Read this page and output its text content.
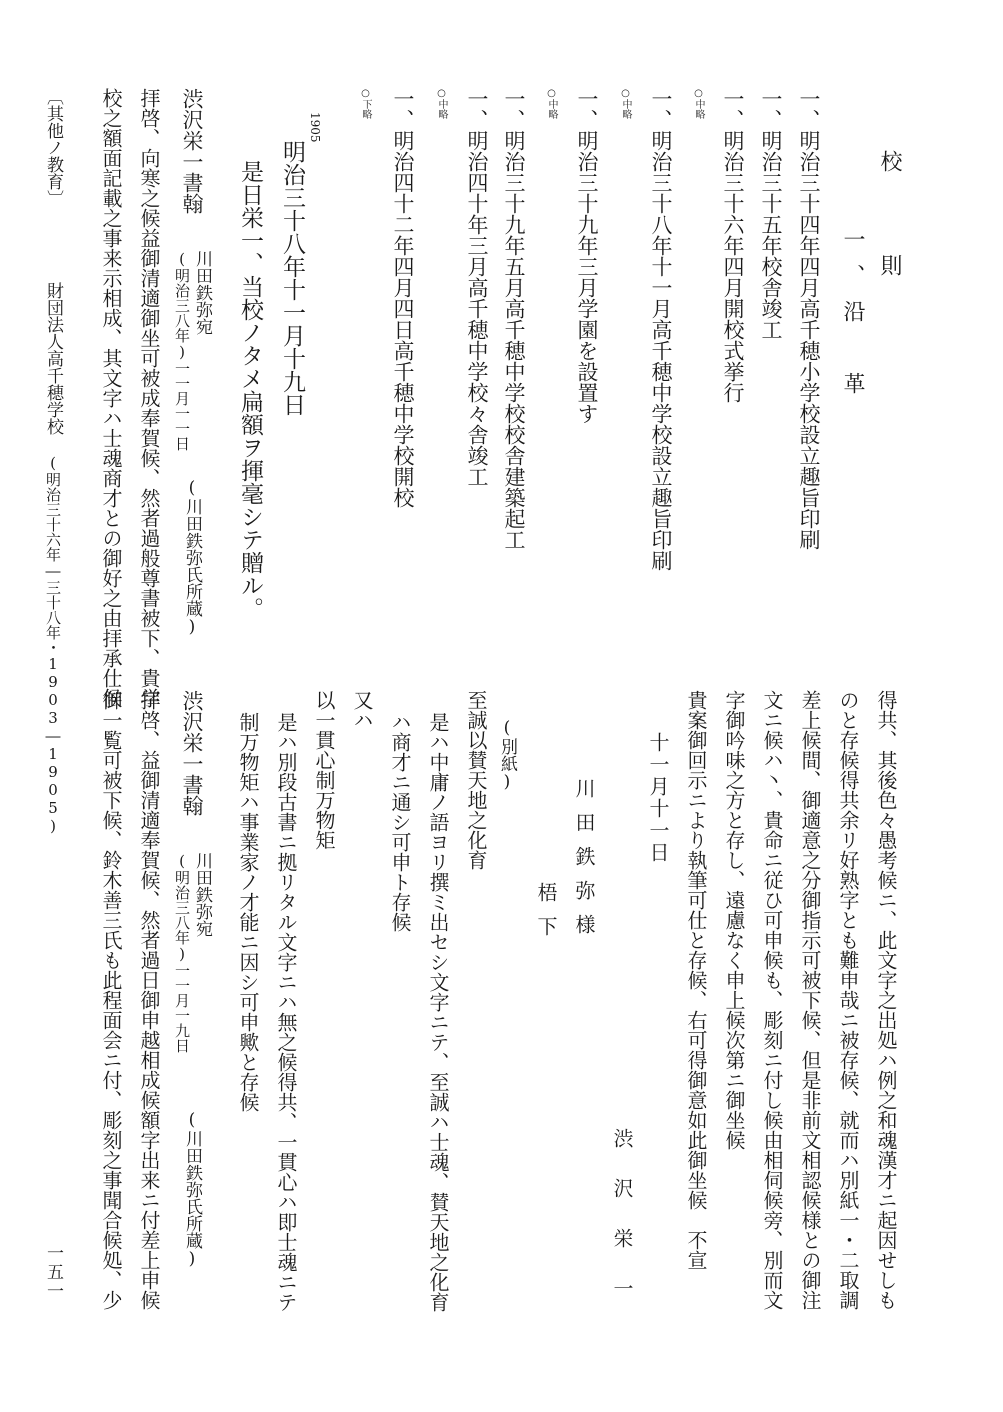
校　則
一、沿　革
一、明治三十四年四月高千穂小学校設立趣旨印刷
一、明治三十五年校舎竣工
一、明治三十六年四月開校式挙行
○中略
一、明治三十八年十一月高千穂中学校設立趣旨印刷
○中略
一、明治三十九年三月学園を設置す
○中略
一、明治三十九年五月高千穂中学校校舎建築起工
一、明治四十年三月高千穂中学校々舎竣工
○中略
一、明治四十二年四月四日高千穂中学校開校
○下略
1905
明治三十八年十一月十九日
是日栄一、当校ノタメ扁額ヲ揮毫シテ贈ル。
渋沢栄一書翰
川田鉄弥宛
(明治三八年)一一月一一日
(川田鉄弥氏所蔵)
拝啓、向寒之候益御清適御坐可被成奉賀候、然者過般尊書被下、貴学
校之額面記載之事来示相成、其文字ハ士魂商才との御好之由拝承仕候
得共、其後色々愚考候ニ、此文字之出処ハ例之和魂漢才ニ起因せしも
のと存候得共余リ好熟字とも難申哉ニ被存候、就而ハ別紙一・二取調
差上候間、御適意之分御指示可被下候、但是非前文相認候様との御注
文ニ候ハ丶、貴命ニ従ひ可申候も、彫刻ニ付し候由相伺候旁、別而文
字御吟味之方と存し、遠慮なく申上候次第ニ御坐候
貴案御回示ニより執筆可仕と存候、右可得御意如此御坐候　不宣
十一月十一日
渋沢栄一
川田鉄弥様
梧下
(別紙)
至誠以賛天地之化育
是ハ中庸ノ語ヨリ撰ミ出セシ文字ニテ、至誠ハ士魂、賛天地之化育
ハ商才ニ通シ可申ト存候
又ハ
以一貫心制万物矩
是ハ別段古書ニ拠リタル文字ニハ無之候得共、一貫心ハ即士魂ニテ
制万物矩ハ事業家ノ才能ニ因シ可申歟と存候
渋沢栄一書翰
川田鉄弥宛
(明治三八年)一一月一九日
(川田鉄弥氏所蔵)
拝啓、益御清適奉賀候、然者過日御申越相成候額字出来ニ付差上申候
御一覧可被下候、鈴木善三氏も此程面会ニ付、彫刻之事聞合候処、少
〔其他ノ教育〕
財団法人高千穂学校
(明治三十六年―三十八年・1903―1905)
一五一
